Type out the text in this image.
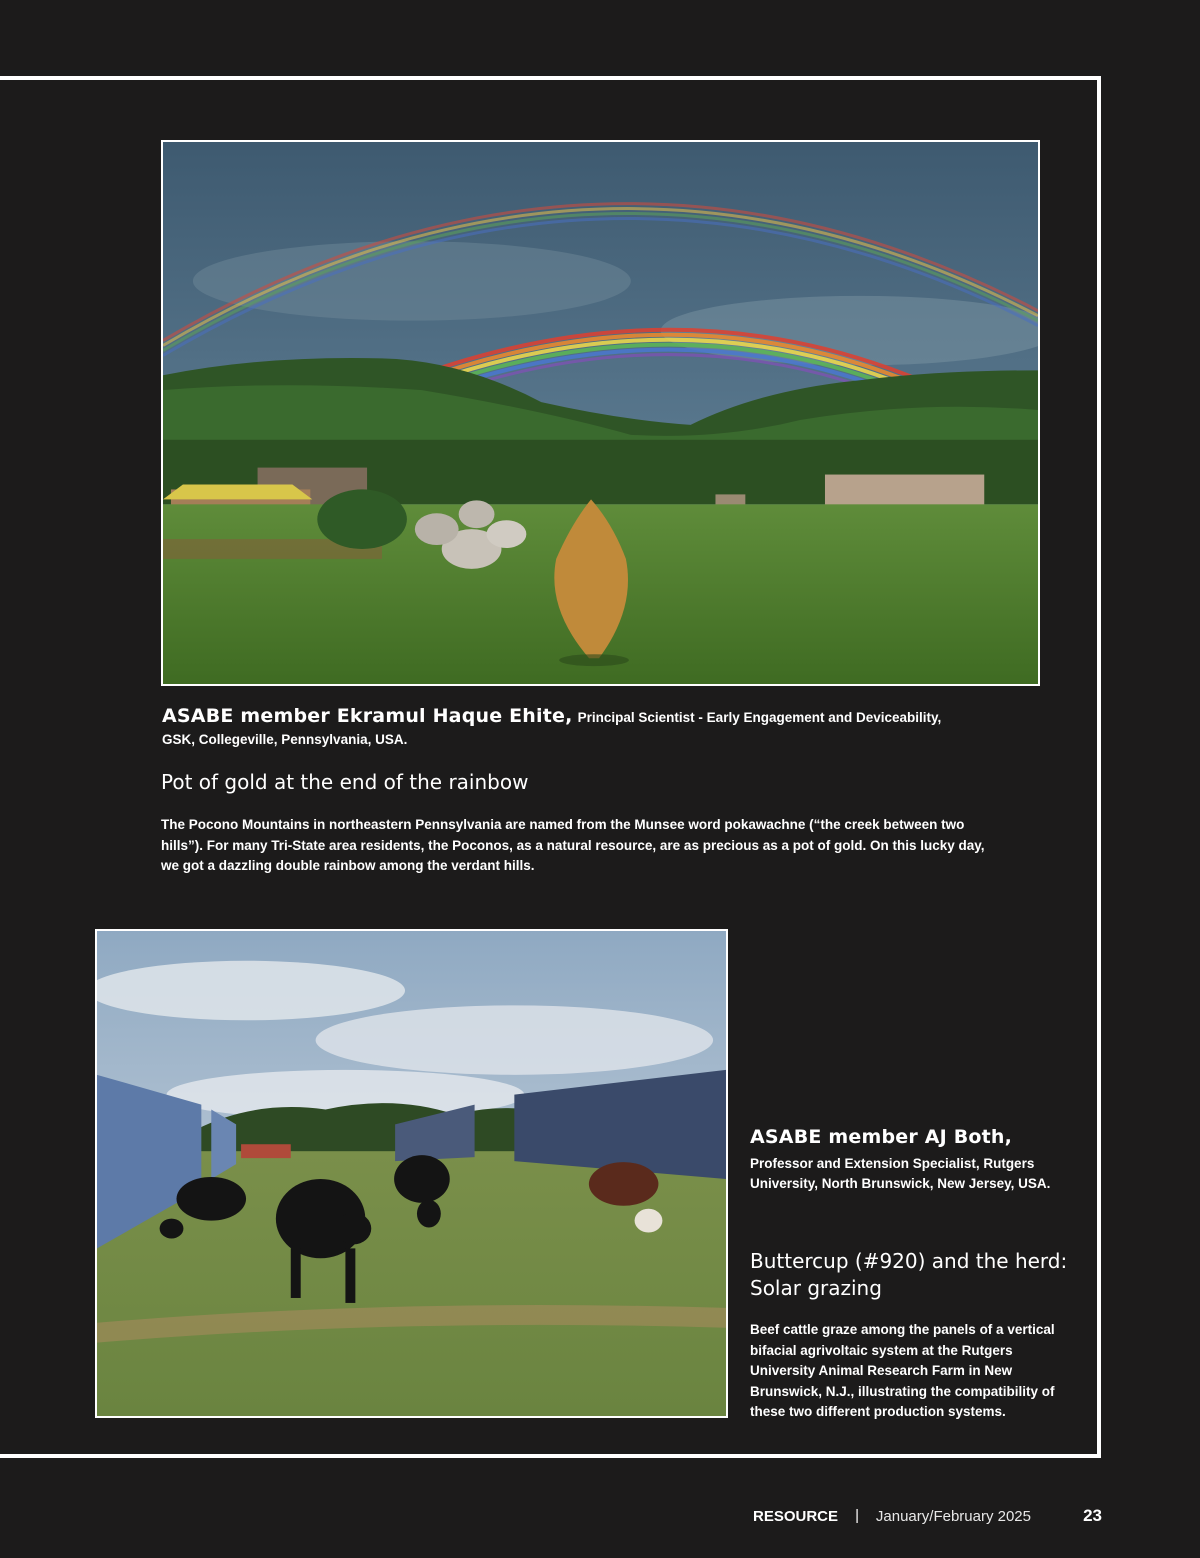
ASABE member Ekramul Haque Ehite, Principal Scientist - Early Engagement and Deviceability,
GSK, Collegeville, Pennsylvania, USA.
Pot of gold at the end of the rainbow
The Pocono Mountains in northeastern Pennsylvania are named from the Munsee word pokawachne (“the creek between two hills”). For many Tri-State area residents, the Poconos, as a natural resource, are as precious as a pot of gold. On this lucky day, we got a dazzling double rainbow among the verdant hills.
ASABE member AJ Both,
Professor and Extension Specialist, Rutgers University, North Brunswick, New Jersey, USA.
Buttercup (#920) and the herd: Solar grazing
Beef cattle graze among the panels of a vertical bifacial agrivoltaic system at the Rutgers University Animal Research Farm in New Brunswick, N.J., illustrating the compatibility of these two different production systems.
RESOURCE | January/February 2025	23
